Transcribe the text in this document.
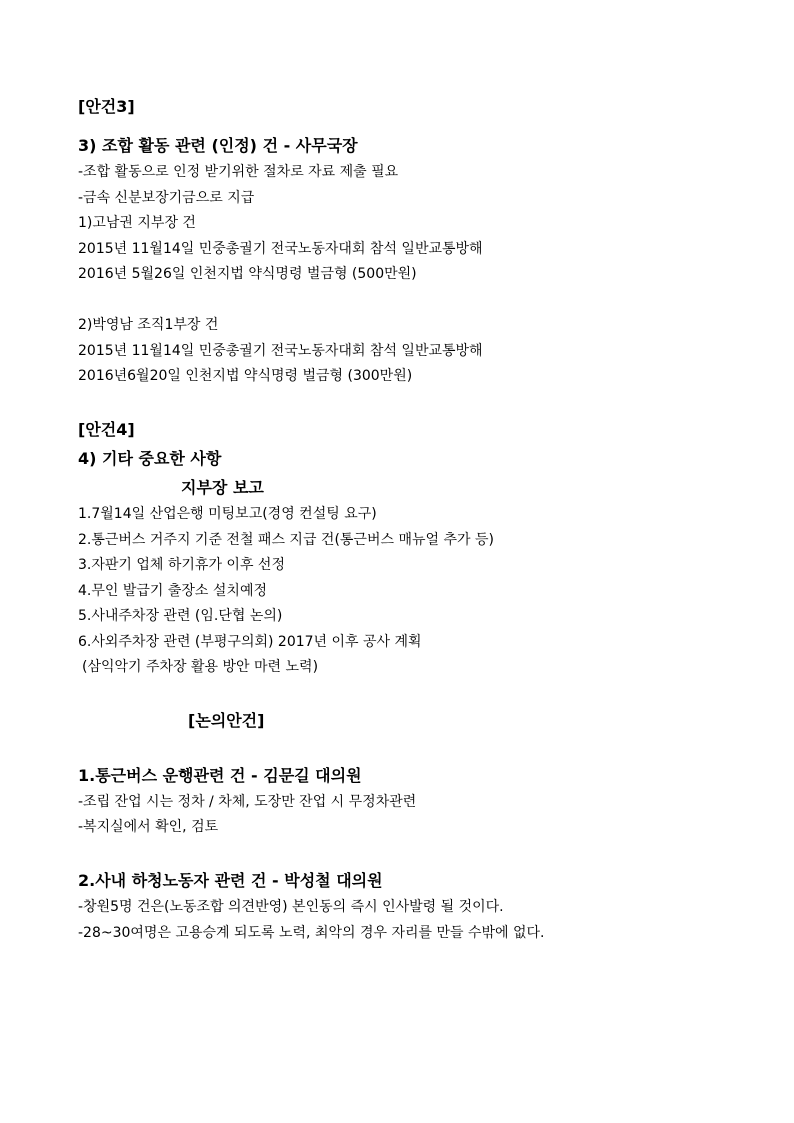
[안건3]
3) 조합 활동 관련 (인정) 건 - 사무국장
-조합 활동으로 인정 받기위한 절차로 자료 제출 필요
-금속 신분보장기금으로 지급
1)고남권 지부장 건
2015년 11월14일 민중총궐기 전국노동자대회 참석 일반교통방해
2016년 5월26일 인천지법 약식명령 벌금형 (500만원)
2)박영남 조직1부장 건
2015년 11월14일 민중총궐기 전국노동자대회 참석 일반교통방해
2016년6월20일 인천지법 약식명령 벌금형 (300만원)
[안건4]
4) 기타 중요한 사항
지부장 보고
1.7월14일 산업은행 미팅보고(경영 컨설팅 요구)
2.통근버스 거주지 기준 전철 패스 지급 건(통근버스 매뉴얼 추가 등)
3.자판기 업체 하기휴가 이후 선정
4.무인 발급기 출장소 설치예정
5.사내주차장 관련 (임.단협 논의)
6.사외주차장 관련 (부평구의회) 2017년 이후 공사 계획
(삼익악기 주차장 활용 방안 마련 노력)
[논의안건]
1.통근버스 운행관련 건 - 김문길 대의원
-조립 잔업 시는 정차 / 차체, 도장만 잔업 시 무정차관련
-복지실에서 확인, 검토
2.사내 하청노동자 관련 건 - 박성철 대의원
-창원5명 건은(노동조합 의견반영) 본인동의 즉시 인사발령 될 것이다.
-28~30여명은 고용승계 되도록 노력, 최악의 경우 자리를 만들 수밖에 없다.
